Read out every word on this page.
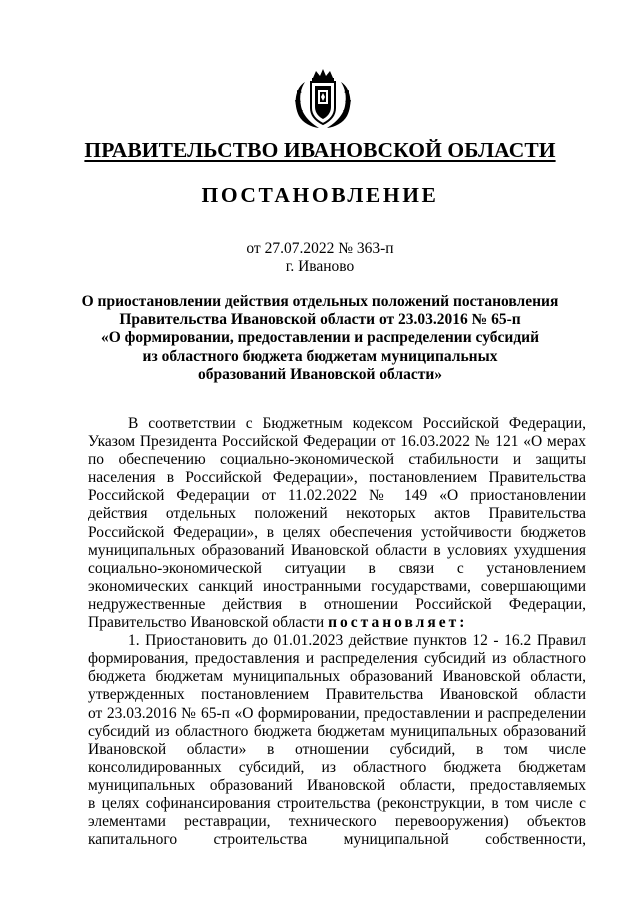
ПРАВИТЕЛЬСТВО ИВАНОВСКОЙ ОБЛАСТИ
ПОСТАНОВЛЕНИЕ
от 27.07.2022 № 363-п
г. Иваново
О приостановлении действия отдельных положений постановления
Правительства Ивановской области от 23.03.2016 № 65-п
«О формировании, предоставлении и распределении субсидий
из областного бюджета бюджетам муниципальных
образований Ивановской области»
В соответствии с Бюджетным кодексом Российской Федерации,
Указом Президента Российской Федерации от 16.03.2022 № 121 «О мерах
по обеспечению социально-экономической стабильности и защиты
населения в Российской Федерации», постановлением Правительства
Российской Федерации от 11.02.2022 № 149 «О приостановлении
действия отдельных положений некоторых актов Правительства
Российской Федерации», в целях обеспечения устойчивости бюджетов
муниципальных образований Ивановской области в условиях ухудшения
социально-экономической ситуации в связи с установлением
экономических санкций иностранными государствами, совершающими
недружественные действия в отношении Российской Федерации,
Правительство Ивановской области постановляет:
1. Приостановить до 01.01.2023 действие пунктов 12 - 16.2 Правил
формирования, предоставления и распределения субсидий из областного
бюджета бюджетам муниципальных образований Ивановской области,
утвержденных постановлением Правительства Ивановской области
от 23.03.2016 № 65-п «О формировании, предоставлении и распределении
субсидий из областного бюджета бюджетам муниципальных образований
Ивановской области» в отношении субсидий, в том числе
консолидированных субсидий, из областного бюджета бюджетам
муниципальных образований Ивановской области, предоставляемых
в целях софинансирования строительства (реконструкции, в том числе с
элементами реставрации, технического перевооружения) объектов
капитального строительства муниципальной собственности,
